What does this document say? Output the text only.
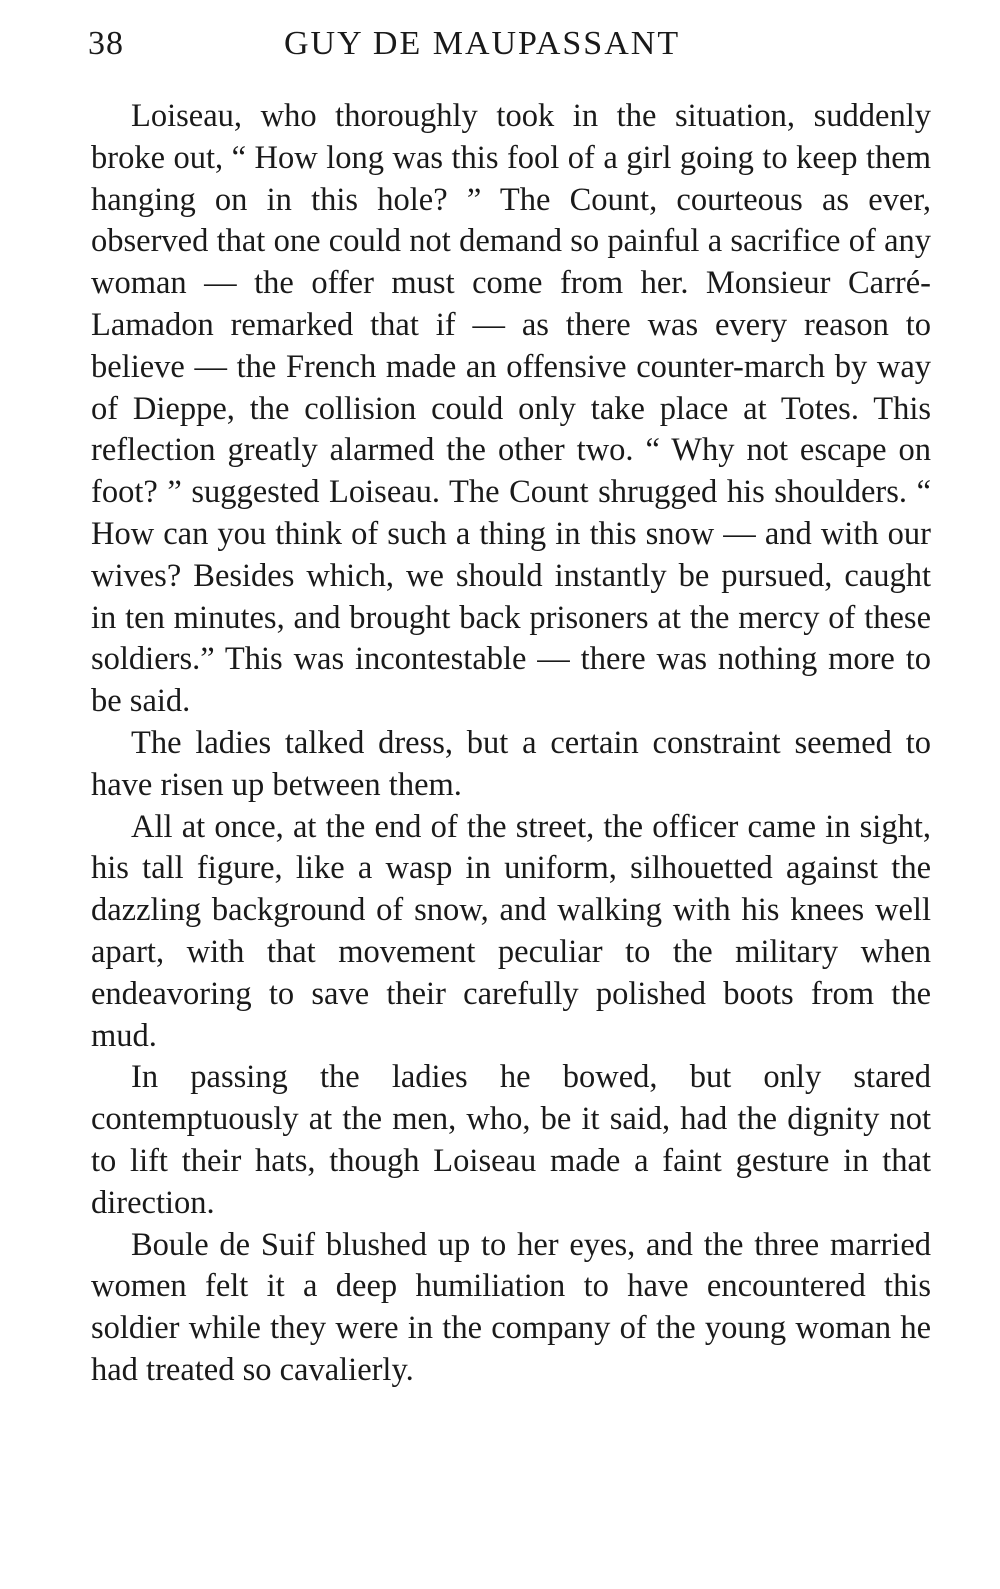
38	GUY DE MAUPASSANT

Loiseau, who thoroughly took in the situation, suddenly broke out, “ How long was this fool of a girl going to keep them hanging on in this hole? ” The Count, courteous as ever, observed that one could not demand so painful a sacrifice of any woman — the offer must come from her. Monsieur Carré-Lamadon remarked that if — as there was every reason to believe — the French made an offensive counter-march by way of Dieppe, the collision could only take place at Totes. This reflection greatly alarmed the other two. “ Why not escape on foot? ” suggested Loiseau. The Count shrugged his shoulders. “ How can you think of such a thing in this snow — and with our wives? Besides which, we should instantly be pursued, caught in ten minutes, and brought back prisoners at the mercy of these soldiers.” This was incontestable — there was nothing more to be said.

The ladies talked dress, but a certain constraint seemed to have risen up between them.

All at once, at the end of the street, the officer came in sight, his tall figure, like a wasp in uniform, silhouetted against the dazzling background of snow, and walking with his knees well apart, with that movement peculiar to the military when endeavoring to save their carefully polished boots from the mud.

In passing the ladies he bowed, but only stared contemptuously at the men, who, be it said, had the dignity not to lift their hats, though Loiseau made a faint gesture in that direction.

Boule de Suif blushed up to her eyes, and the three married women felt it a deep humiliation to have encountered this soldier while they were in the company of the young woman he had treated so cavalierly.
